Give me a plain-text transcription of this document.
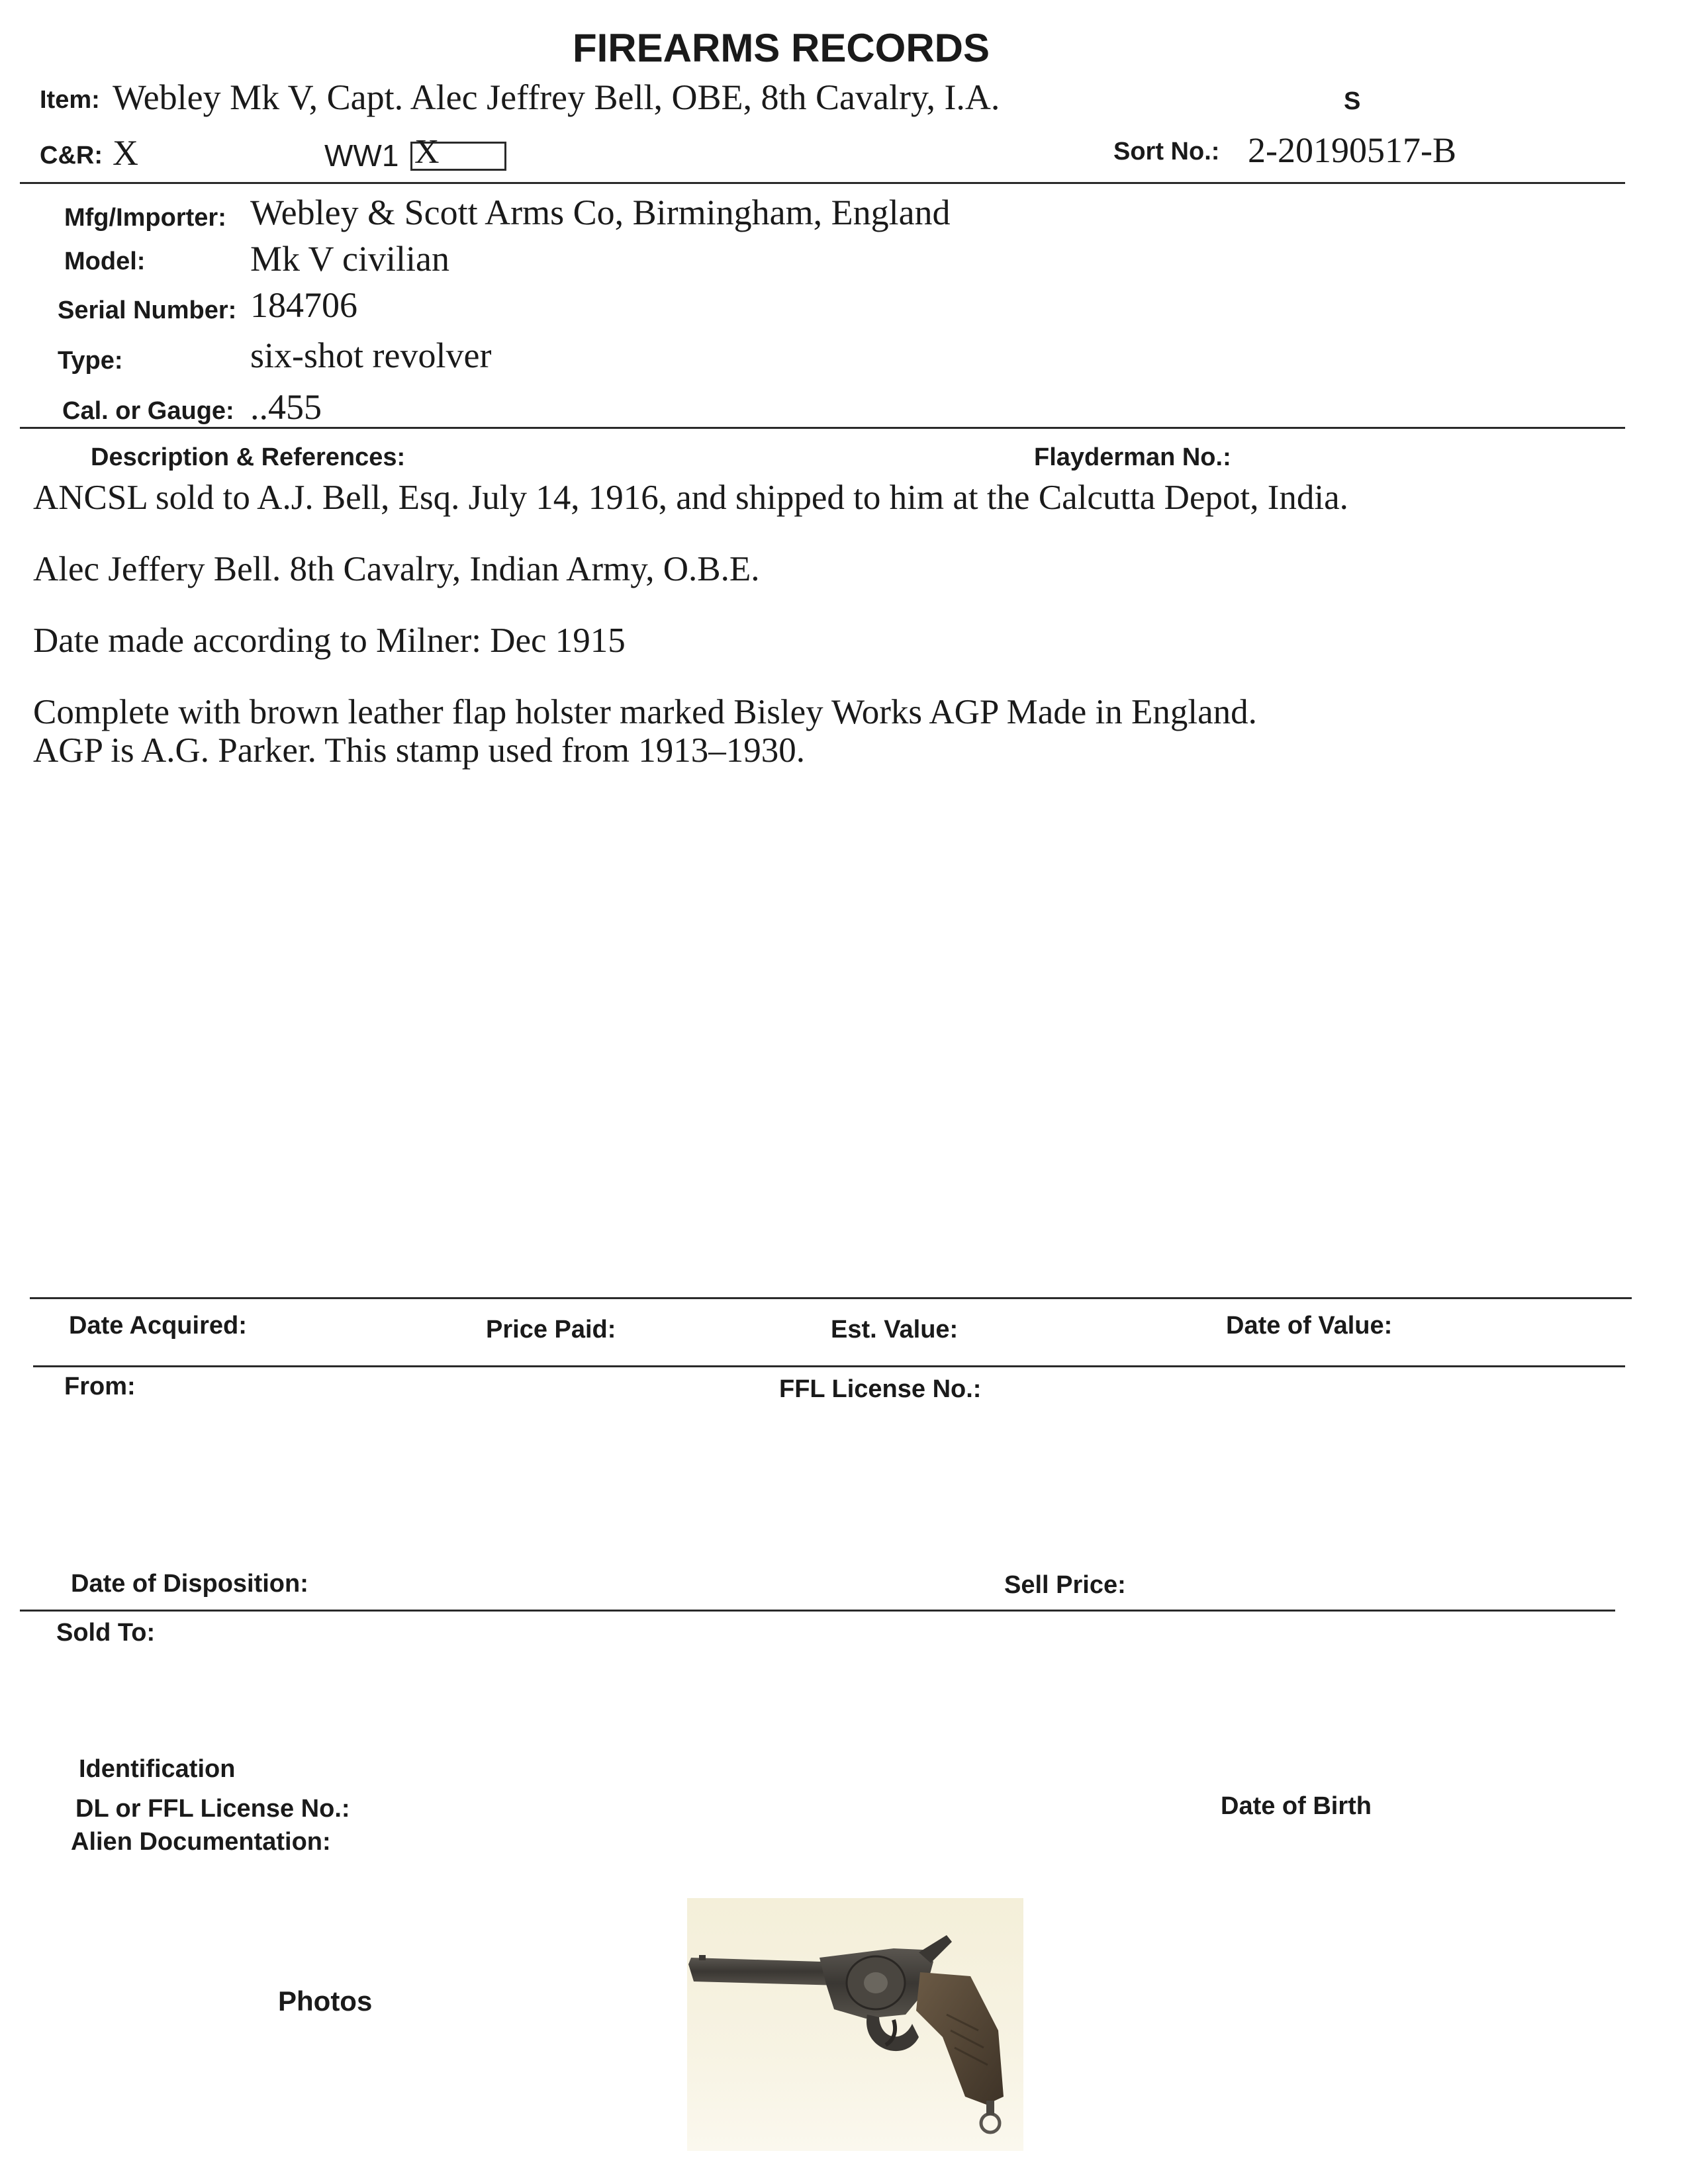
FIREARMS RECORDS
Item: Webley Mk V, Capt. Alec Jeffrey Bell, OBE, 8th Cavalry, I.A.	S
C&R: X	WW1 X	Sort No.: 2-20190517-B
Mfg/Importer: Webley & Scott Arms Co, Birmingham, England
Model:	Mk V civilian
Serial Number: 184706
Type:	six-shot revolver
Cal. or Gauge: ..455
Description & References:	Flayderman No.:
ANCSL sold to A.J. Bell, Esq. July 14, 1916, and shipped to him at the Calcutta Depot, India.
Alec Jeffery Bell. 8th Cavalry, Indian Army, O.B.E.
Date made according to Milner: Dec 1915
Complete with brown leather flap holster marked Bisley Works AGP Made in England.
AGP is A.G. Parker. This stamp used from 1913–1930.
Date Acquired:	Price Paid:	Est. Value:	Date of Value:
From:	FFL License No.:
Date of Disposition:	Sell Price:
Sold To:
Identification
DL or FFL License No.:	Date of Birth
Alien Documentation:
Photos
